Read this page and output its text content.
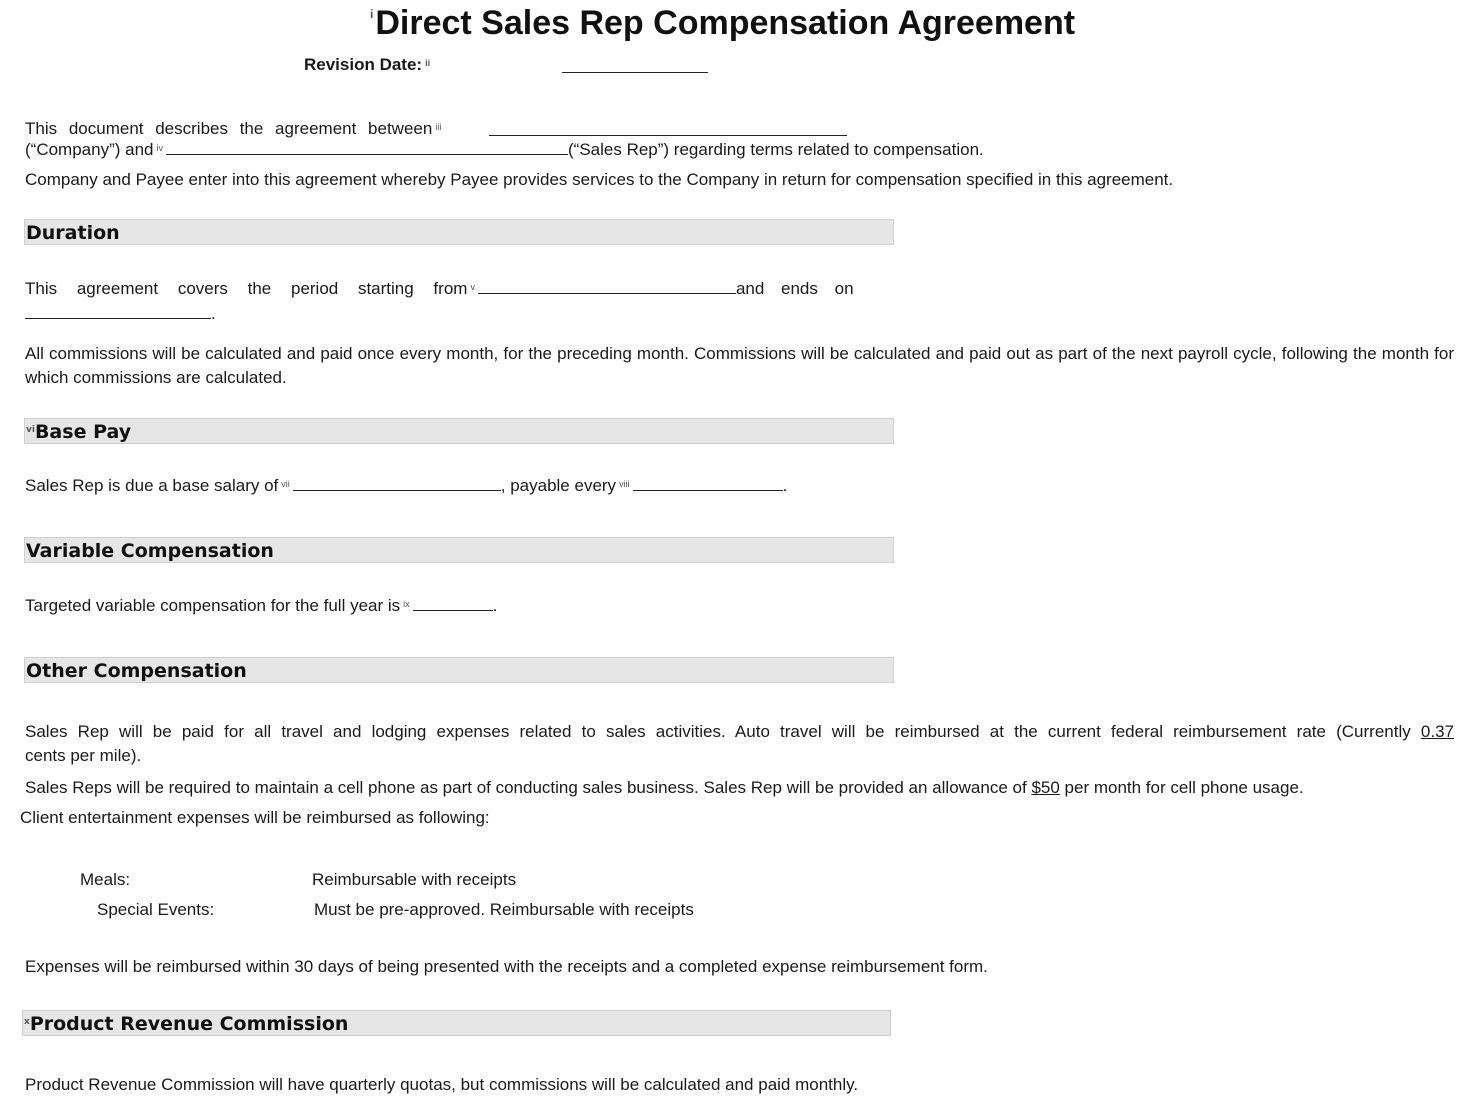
$^i$Direct Sales Rep Compensation Agreement
Revision Date: $^{ii}$
This document describes the agreement between $^{iii}$
(“Company”) and $^{iv}$	(“Sales Rep”) regarding terms related to compensation.
Company and Payee enter into this agreement whereby Payee provides services to the Company in return for compensation specified in this agreement.
Duration
This agreement covers the period starting from $^v$	and ends on
.
All commissions will be calculated and paid once every month, for the preceding month. Commissions will be calculated and paid out as part of the next payroll cycle, following the month for which commissions are calculated.
$^{vi}$Base Pay
Sales Rep is due a base salary of $^{vii}$	, payable every $^{viii}$	.
Variable Compensation
Targeted variable compensation for the full year is $^{ix}$	.
Other Compensation
Sales Rep will be paid for all travel and lodging expenses related to sales activities. Auto travel will be reimbursed at the current federal reimbursement rate (Currently 0.37
cents per mile).
Sales Reps will be required to maintain a cell phone as part of conducting sales business. Sales Rep will be provided an allowance of $50 per month for cell phone usage.
Client entertainment expenses will be reimbursed as following:
Meals:	Reimbursable with receipts
Special Events:	Must be pre-approved. Reimbursable with receipts
Expenses will be reimbursed within 30 days of being presented with the receipts and a completed expense reimbursement form.
$^x$Product Revenue Commission
Product Revenue Commission will have quarterly quotas, but commissions will be calculated and paid monthly.
